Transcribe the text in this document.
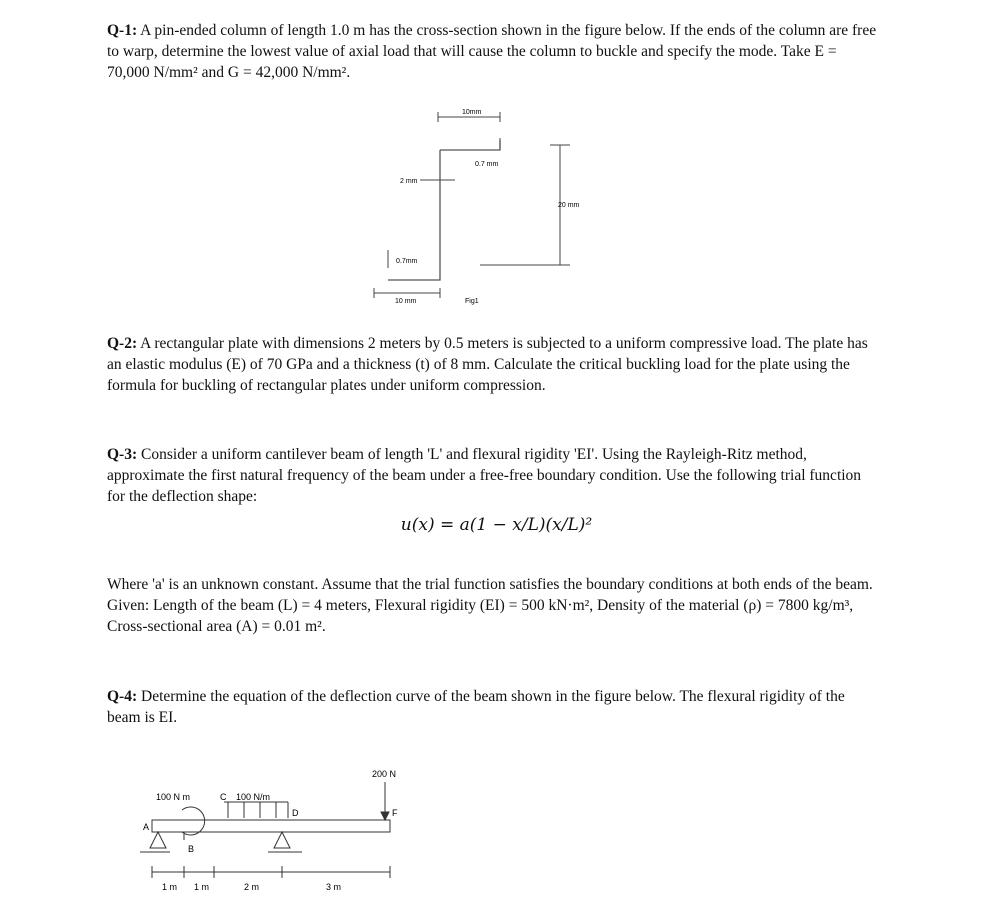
Q-1: A pin-ended column of length 1.0 m has the cross-section shown in the figure below. If the ends of the column are free to warp, determine the lowest value of axial load that will cause the column to buckle and specify the mode. Take E = 70,000 N/mm² and G = 42,000 N/mm².
10mm
0.7 mm
2 mm
20 mm
0.7mm
10 mm	Fig1
Q-2: A rectangular plate with dimensions 2 meters by 0.5 meters is subjected to a uniform compressive load. The plate has an elastic modulus (E) of 70 GPa and a thickness (t) of 8 mm. Calculate the critical buckling load for the plate using the formula for buckling of rectangular plates under uniform compression.
Q-3: Consider a uniform cantilever beam of length 'L' and flexural rigidity 'EI'. Using the Rayleigh-Ritz method, approximate the first natural frequency of the beam under a free-free boundary condition. Use the following trial function for the deflection shape:
u(x) = a(1 − x/L)(x/L)²
Where 'a' is an unknown constant. Assume that the trial function satisfies the boundary conditions at both ends of the beam. Given: Length of the beam (L) = 4 meters, Flexural rigidity (EI) = 500 kN·m², Density of the material (ρ) = 7800 kg/m³, Cross-sectional area (A) = 0.01 m².
Q-4: Determine the equation of the deflection curve of the beam shown in the figure below. The flexural rigidity of the beam is EI.
200 N
100 N m	C 100 N/m
D
A
B
F
1 m 1 m	2 m	3 m
